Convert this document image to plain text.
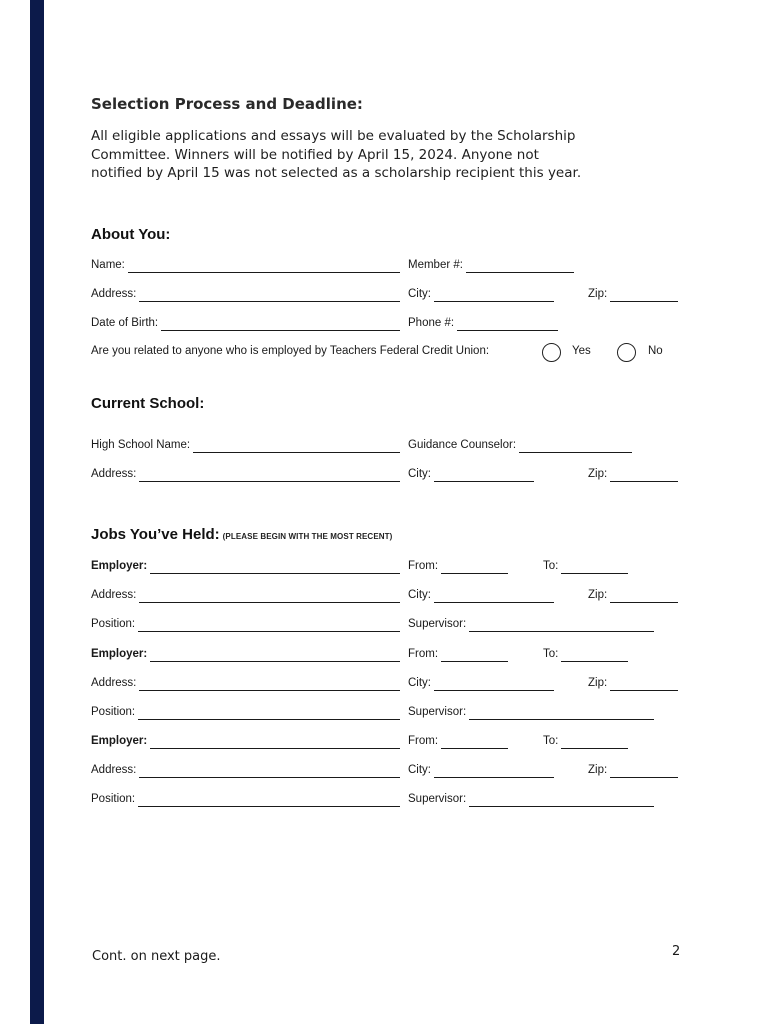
Selection Process and Deadline:
All eligible applications and essays will be evaluated by the Scholarship
Committee. Winners will be notified by April 15, 2024. Anyone not
notified by April 15 was not selected as a scholarship recipient this year.
About You:
Name:	Member #:
Address:	City:	Zip:
Date of Birth:	Phone #:
Are you related to anyone who is employed by Teachers Federal Credit Union:	Yes	No
Current School:
High School Name:	Guidance Counselor:
Address:	City:	Zip:
Jobs You’ve Held: (PLEASE BEGIN WITH THE MOST RECENT)
Employer:	From:	To:
Address:	City:	Zip:
Position:	Supervisor:
Employer:	From:	To:
Address:	City:	Zip:
Position:	Supervisor:
Employer:	From:	To:
Address:	City:	Zip:
Position:	Supervisor:
Cont. on next page.	2
